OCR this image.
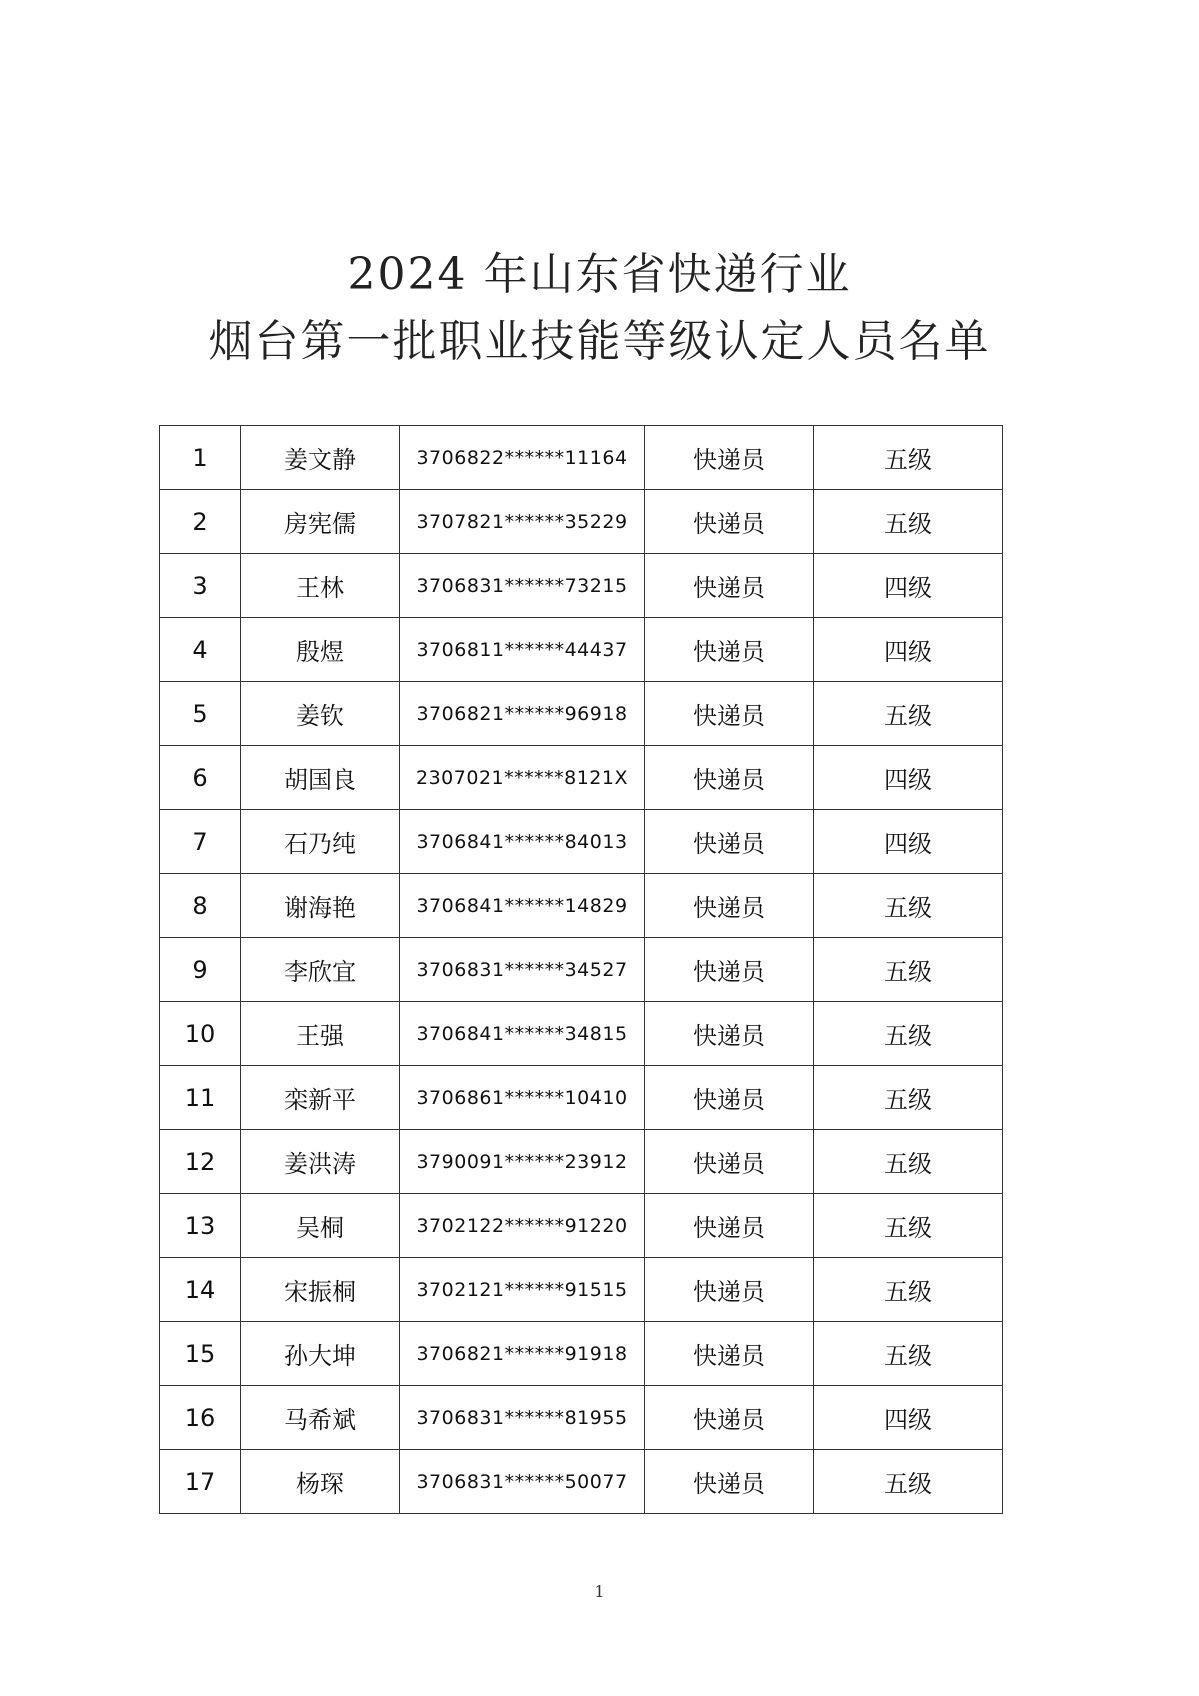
2024 年山东省快递行业
烟台第一批职业技能等级认定人员名单
1	姜文静	3706822******11164	快递员	五级
2	房宪儒	3707821******35229	快递员	五级
3	王林	3706831******73215	快递员	四级
4	殷煜	3706811******44437	快递员	四级
5	姜钦	3706821******96918	快递员	五级
6	胡国良	2307021******8121X	快递员	四级
7	石乃纯	3706841******84013	快递员	四级
8	谢海艳	3706841******14829	快递员	五级
9	李欣宜	3706831******34527	快递员	五级
10	王强	3706841******34815	快递员	五级
11	栾新平	3706861******10410	快递员	五级
12	姜洪涛	3790091******23912	快递员	五级
13	吴桐	3702122******91220	快递员	五级
14	宋振桐	3702121******91515	快递员	五级
15	孙大坤	3706821******91918	快递员	五级
16	马希斌	3706831******81955	快递员	四级
17	杨琛	3706831******50077	快递员	五级
1
